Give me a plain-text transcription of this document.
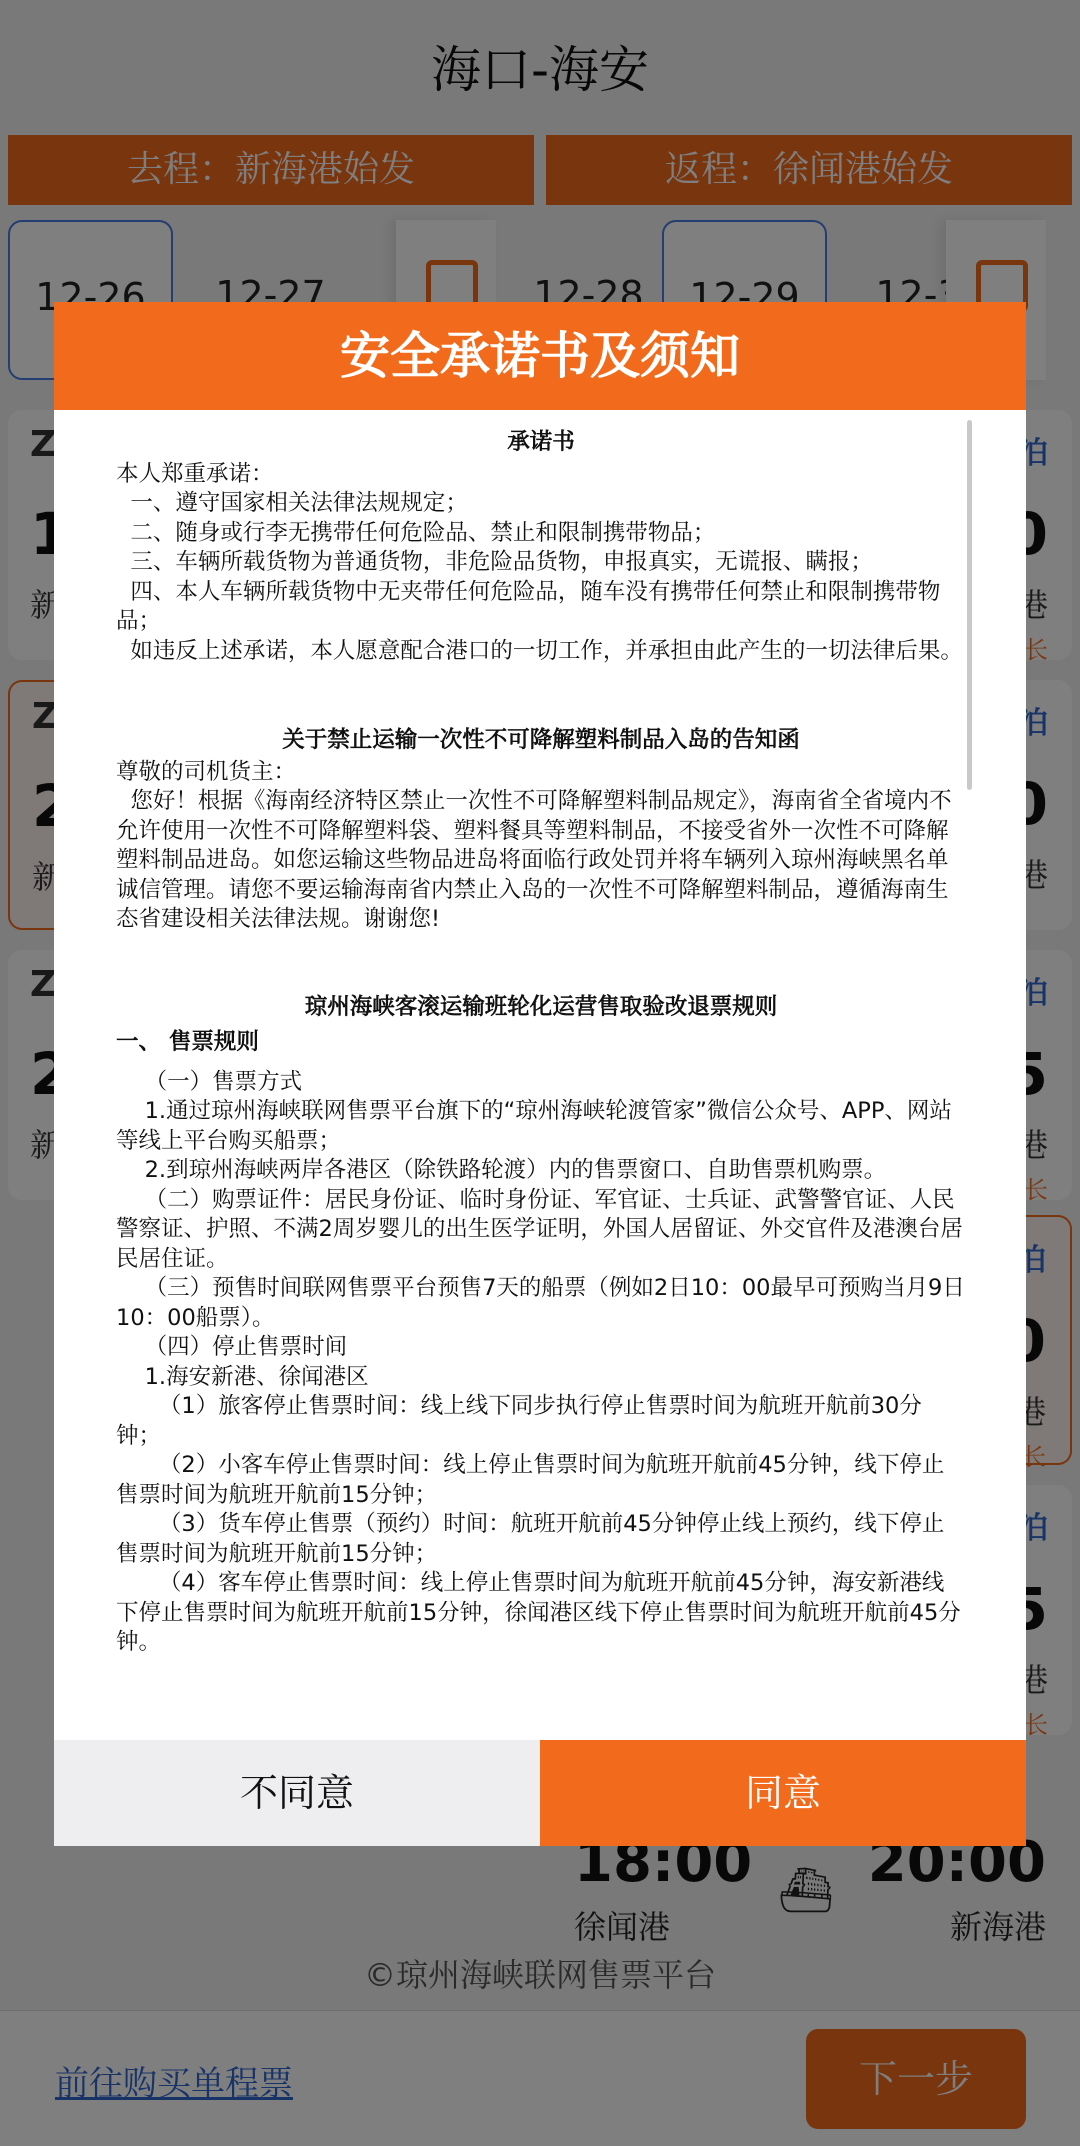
安全承诺书及须知
承诺书

本人郑重承诺：

一、遵守国家相关法律法规规定；

二、随身或行李无携带任何危险品、禁止和限制携带物品；

三、车辆所载货物为普通货物，非危险品货物，申报真实，无谎报、瞒报；

四、本人车辆所载货物中无夹带任何危险品，随车没有携带任何禁止和限制携带物品；

如违反上述承诺，本人愿意配合港口的一切工作，并承担由此产生的一切法律后果。

关于禁止运输一次性不可降解塑料制品入岛的告知函

尊敬的司机货主：

您好！根据《海南经济特区禁止一次性不可降解塑料制品规定》，海南省全省境内不允许使用一次性不可降解塑料袋、塑料餐具等塑料制品，不接受省外一次性不可降解塑料制品进岛。如您运输这些物品进岛将面临行政处罚并将车辆列入琼州海峡黑名单诚信管理。请您不要运输海南省内禁止入岛的一次性不可降解塑料制品，遵循海南生态省建设相关法律法规。谢谢您!

琼州海峡客滚运输班轮化运营售取验改退票规则
一、 售票规则

（一）售票方式

1.通过琼州海峡联网售票平台旗下的“琼州海峡轮渡管家”微信公众号、APP、网站等线上平台购买船票；

2.到琼州海峡两岸各港区（除铁路轮渡）内的售票窗口、自助售票机购票。

（二）购票证件：居民身份证、临时身份证、军官证、士兵证、武警警官证、人民警察证、护照、不满2周岁婴儿的出生医学证明，外国人居留证、外交官件及港澳台居民居住证。

（三）预售时间联网售票平台预售7天的船票（例如2日10：00最早可预购当月9日10：00船票）。

（四）停止售票时间

1.海安新港、徐闻港区

（1）旅客停止售票时间：线上线下同步执行停止售票时间为航班开航前30分钟；

（2）小客车停止售票时间：线上停止售票时间为航班开航前45分钟，线下停止售票时间为航班开航前15分钟；

（3）货车停止售票（预约）时间：航班开航前45分钟停止线上预约，线下停止售票时间为航班开航前15分钟；

（4）客车停止售票时间：线上停止售票时间为航班开航前45分钟，海安新港线下停止售票时间为航班开航前15分钟，徐闻港区线下停止售票时间为航班开航前45分钟。

不同意	同意
